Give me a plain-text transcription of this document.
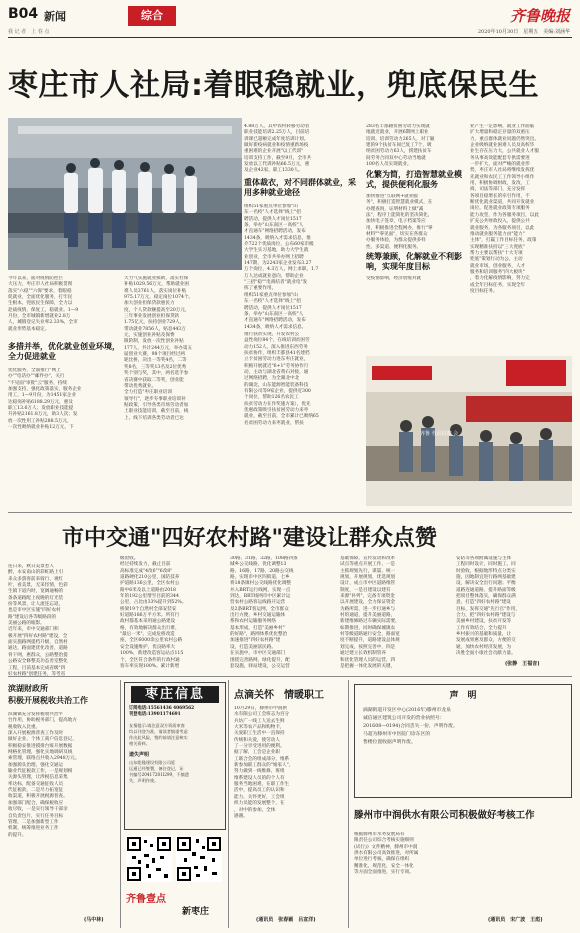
B04 新闻
我 记 者　上 春 点
综合	齐鲁晚报
2020年10月30日　星期五　美编:刘涵华
枣庄市人社局:着眼稳就业，兜底保民生
今年以来，面对疫情防控巨
大压力，枣庄市人社局积极贯彻
落实"六稳""六保"要求，着眼稳
促就业，全面优化服务，打牢民
生根本，兜底民生保障，全力以
赴战疫情，保复工，稳就业。1—9
月份，全市城镇新增就业2.8万
人，城镇登记失业率2.33%，全市
就业形势基本稳定。
多措并举，优化就业创业环境，全力促进就业
优化服务，全面推行"网上
办""电话办""邮件办"，关行
"不见面"审批"云"服务，持续
加强支持，强化政策落实，服务企业
用工，1—9月份，为1451家企业
达稳岗补贴6188.29万元，惠及
职工13.6万人；发放职业技能提
升补贴2161.8万元，助3人次；发
放一次性用工补贴288.5万元，
一次性吸纳就业补贴12万元，下
大力气实施就业援助，落实社保
补贴1029.56万元，帮助就业困
难人员3761人，落实岗位补贴
975.17万元，稳定岗位1074个。
加大创业担保贷款惠民力
度，个人贷款额提高至20万元，
三年事业发展创业担保贷款
1.75亿元，扶持创业729人，
带动就业7856人，贴息443万
元，实施创业补贴及保费
限阶制，发放一次性创业补贴
177人，共计244万元，举办第五
届创业大赛，98个项目经过两
轮比拼，决出一等奖4名，二等
奖8名，三等奖13名及2位优秀
奖个别与奖，其中，两名选手参
省决赛中获取二等奖，创业能
带动优秀就业。
全力打造"枣庄职业培训
领导行"，逐步夯事职业培训补
贴政策，引导各类市场劳动者加
上职业技能培训，截至目前，线
上、线下培训各类劳动者已达
4.88万人，其中农村转移劳动者
职业技能培训2.25万人，目前培
训课已超额完成年度培训计划。
做好新疫病就业和疫情重新场疫
重困难的企业开展"以工代训"
培训支持工作，截至9月，全市共
发放以工代训补贴66.5万元，惠
及企业42家，职工1330人。
重体裁衣，对不同群体就业，采用多种就业途径
组织51家重点单位参加"山
东一名校"人才选择"线上"招
聘活动，提供人才岗位1517
条，举办"山东南区一高校"人
才直通车"网络招聘活动，发布
1434条，吸纳入才需求信息，推
介722个优质岗位，公布60家市级
大学生实习基地，助力大学生就
业创业，全市共举办网上招聘
147期，为2243家企业发布3.27
万个岗位，4.3万人，网上求职，1.7
万人达成就业意向，帮助企业
"三招"稳""电商结者"就业电"发
挥了重要作用。
组织51家重点单位参加"山
东一名校"人才选择"线上"招
聘活动，提供人才岗位1517
条，举办"山东南区一高校"人
才直通车"网络招聘活动，发布
1434条，吸纳人才需求信息。
283名丰都籍贫困劳动力实现就
地就近就业，开展6期网上职业
培训，培训劳动力265人，对丁颖
建的9个扶贫车间已复工7个，吸
纳贫困劳动力63人，援建扶贫车
间劳务合同双中心劳动当地就
100名人员实现就业。
化繁为简，打造智慧就业模式，提供便利化服务
加快推进"互联网+就业服
务"，积极打造智慧就业模式，在
办理查询，证明材料上做"减
法"，程序上能简化的坚决简化，
加快电子签章，电子档案等应
用，积极推进全程网办，推行"零
材料""零见面"，切实在各群众
办服务体验，为群众提供多样
性、多渠道、便利化服务。
统筹兼顾，化解就业不利影响，实现年度目标
受疫情影响，经济放缓对就
推行扶贫实现，开发农村公
益性岗位84个，在线培训贫困劳
动力152人，深入推进东西劳务
扶贫协作，组织丰都县41名建档
立卡贫困劳动力进东枣庄就业，
积极开展就近"6+1"劳务协作行
动，主动与湖北省黄石对接，通
过网络招聘，为全湖北中北
的湖北，山东能源智能装备科技
有限公司等9家企业，提供近300
个岗位，帮助126名农民工
扶贫劳动力在作奖施方案），优先
优惠政策吸引扶贫困劳动力来枣
就业，截至目前，全市累计已吸纳65
名贫困劳动力来枣就业，帮扶
业产生一定影响，就业工作面临
扩大增量和稳定存量的双重压
力，重点群体就业问题仍然突出。
企业吸纳就业困难人员及高校毕
业生存在压力大，公共就业人才服
务从事高效能配套专供需要进
一步扩大，面对严峻的就业形
势，枣庄市人社局将继续发挥优
先就业和农民工工作领导小组作
用，积极协调财政，发改，工
商，司法等部门、充分发挥
各项目稳增长的牵引作用，不
断优化就业渠道，共同开发就业
岗位。促进就业政策专项服务
能力攻坚，作为各服务项目，以此
扩充公共财政投入，提供公共
就业服务，为各服务项目，以此
推动就业服务能力由"能力"
主体"，打赢工作目标任务，政策
实现精准扶持以"三大兜底"
帮力主要以帮扶"十大专项
兜底"策划行动为公，主动
就业市场，创业服务，人才
服务和培训服务"四大板块"
，着力化解疫情影响，努力完
成全年目标任务，实现全年
度目标任务。
齐鲁 劳动招聘 会
市中交通"四好农村路"建设让群众点赞
连日来，秋日美景惹人
醉，永安南山的彩虹路上引
来众多游客前来骑行，观红
叶，看美景，无采怪情，色彩
生镇下道内时，宽阔通畅的
条条道路配上夜晚的灯光装
扮等风景，让人流连忘返，
也是市中区实施"四好农村
路"建设后各等级路段的
美丽公路的缩影。
近年来，市中交通部门积
极开展"四好农村路"建设，全
面实施路网提档升级，自然村
通达，路面建优化改善，道路
骨干网，惠群众，公路整治提
公路安全修整美功态善室整化
工程，目前基本完成省级"四
好农村路"创建任务，等考省
级验收。
经过持续发力，截止目前
高标准完成"4改6""6改8"
道路硬化210公里，国防技养
护道路136公里，全区农村公
路中6米及以上道路由2018
年的192公里增至目前的344
公里，占比由33%提升到52%。
桥梁19个自然村全部安装安
好道路186万平方米。所有行
政村都基本采用通公路建设
格，有效地解决群众出行难，
"最后一米"。完成危桥改造
座，全区6000余公里农村公路
安全设施维护，优良路率大
100%，新建改造客运站点115
个，全区符合条件的行政村通
客车率实现100%。累计新增
30路、31路、32路、108路四条
城乡公交线路，优化调整13
路，16路，17路、20路公交线
路，实现市中区四街道，七乡
将18条镇村公交线路优化调整
并入BRT运行线网，实现一点
到达，BRT线网市中区累计运
营农村公路客运线路开运营
及2条BRT客运网，全市群众
出行方便，乡村交通运输体
系和农村运输服务网络
基本形成，打造"美丽乡村"
的好路"，路网体系优化整治
加速推进"四好农村路"建
设，打造美丽富民路。
在实施中，市中区交通部门
围绕完善路网，绿化提升，配
套设施，驿站建设，公交运营
基础保障，宣传发动和改革
试点等重点开展工作，一是
主抓规划先行，谋篇，统一
规划，开展规划，优选规划
设计，成立市中区道路维管
制度，一是目建设以建有
来源"补列"，完备专项资金
以开展建设，全力保证资金
为路所需，进一步打通乡与
村的通道，提升美丽道路，
新建维修路过车辆实际需要，
如期推进，同时确保城镇农
村等级道路通行安全，路面宽
度不断提升，道路建设总体规
划完成，按照完善中，四是
通过建立长效机制管养
和优化管理人员的运营，四
是把握一体化发展的关键，
安防等各项附属设施与主体
工程同时设计，同时施工，同
时验收，根据地形特点分类实
施，因地制宜进行路网基础建
设，解决安全出行问题；平衡
道路连通道路，提升路面等级
把项目整体落实，确保群众满
意，打造"四好农村路"建设
目标，发挥交通"先行官"作用，
合力，把"四好农村路"建设与
美丽乡村建设，扶贫开发等
工作有效结合，全力提升
乡村振兴的基础和质量，让
发展成果惠及群众，方便的交
通，加快农村经济发展，为
决胜全面小康社会贡献力量。
(张静　王福音)
滨湖财政所
积极开展税收共治工作
滨湖镇充分发挥税收共治平
台作用，协助税务部门，提高地方
税收收入比重。
深入开展税源普查工作及时
做好企业、个体工商户信息登记，
积极稳妥推进摸排台账开展数据
网格化管理，强化实地调研及线
索管理，联络点共收入2948万元。
加强源头治理，强化交通运
输业代征税款工作，一是规划相
关源头管理，让涉税信息采集
率达标，配备交通征收人员
代征税款，二是尽力拓宽征
收渠道，积极开展税源普查。
加强部门配合，确保税收应
收尽收，一是实行领导干部亲
自负责包片，实行任务目标
管理，二是加强新型工作
机制，统筹推进业务工作
的提升。
(马中林)
枣庄信息
订阅电话:15561436 4069562
刊登电话:13901174691
友情提示:请注意双方资质审查
均以刊登为准，请读者慎重考虑
作出此风险，签约前请注意核实
相关资料。
遗失声明
山东乾隆建设有限公司延
运通已经签署，备注登记，证
书编号20417201l299，不慎遗
失，声明作废。
齐鲁壹点
新枣庄
点滴关怀　情暖职工
10月29日，滕州市中润供
水有限公司工会班志为宫分
兵坊广一线工人送去生鲜
大米等农产品和购物卡，
关爱职工生活中一直保持
传统和关爱，使劳动人
了一分享受进用的便利。
据了解，工会是企业职
工联合会的组成部分，维系
新参加职工群众的"娘家人"，
努力做到一线维修、班组
维系建设人员的的个人有
服务当地困难，在职工作生
活中，提高员工的认识和
能力，关怀更好，工会组
织力员能的发展整个，在
，对中的参加，全体
感谢。
(通讯员　张春颖　吕宣洋)
声　明
滴湖街道开发区中心(2016年)滕州市龙泉
诚信通区建筑公司开发的营业执照号：
201608—0194)合同丢失一份，声明作废。
马超为滕州市中医院门诊东区的
售楼位置收据声明作废。
滕州市中润供水有限公司积极做好考核工作
根据滕州市水务发展局有
限责任公司综合考核实施细则
(试行)》文件精神，滕州市中润
供水有限公司高效推进，对所属
单位进行考核，确保在组织
精准化，规范化，安全一体化
等方面全面推进，实行专项。
(通讯员　宋广波　王彪)
